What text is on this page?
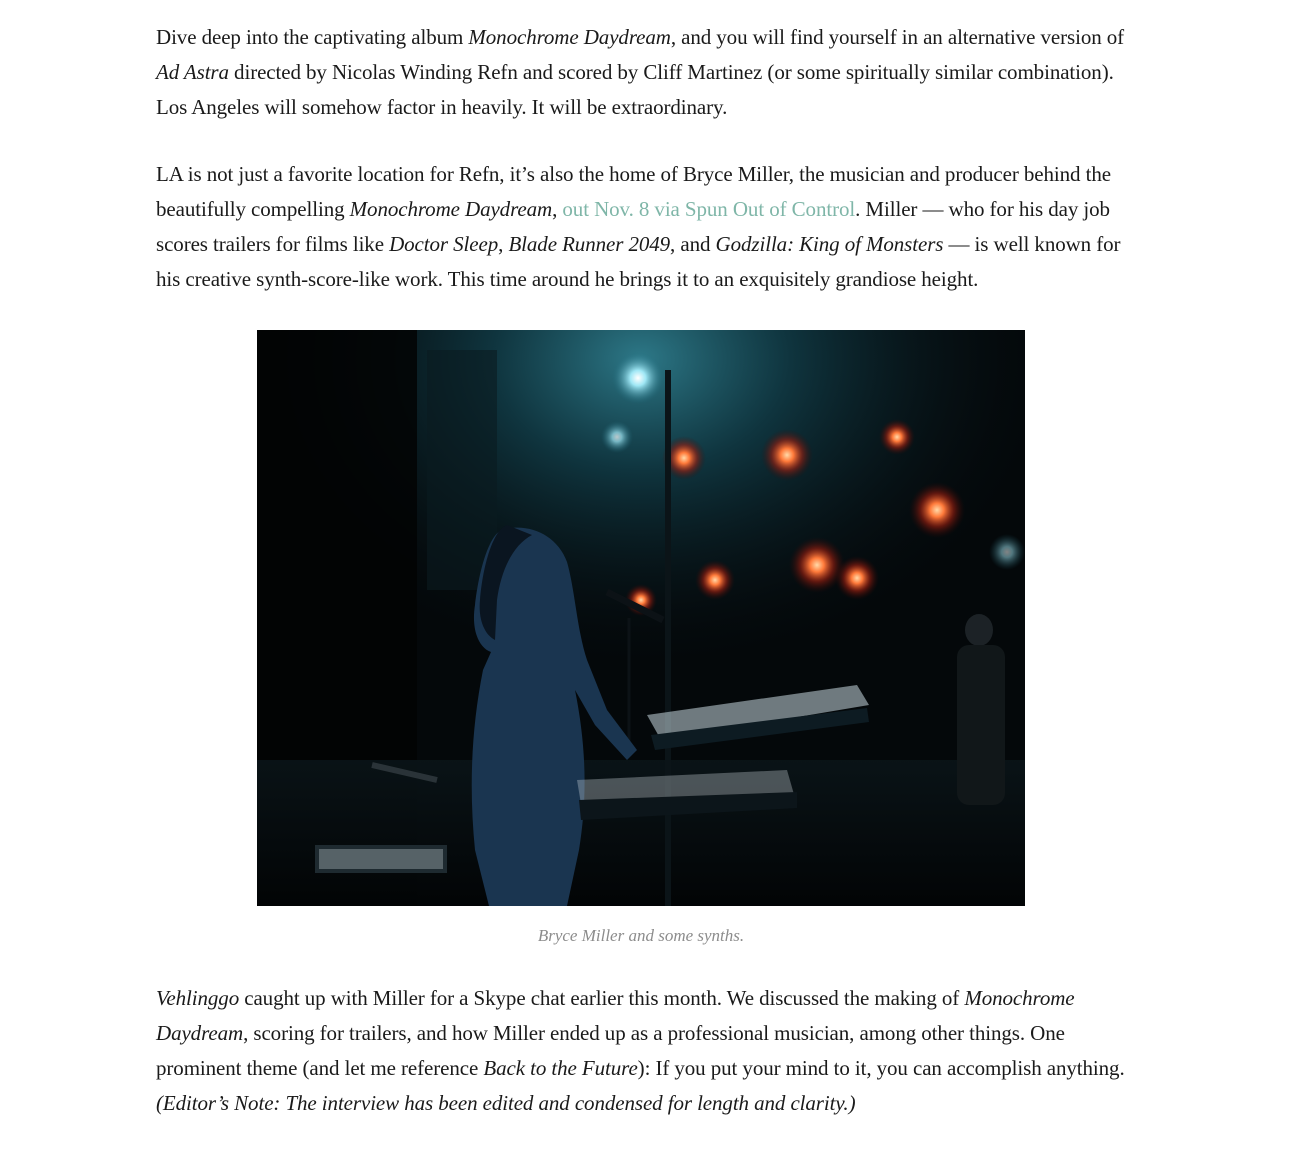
Dive deep into the captivating album Monochrome Daydream, and you will find yourself in an alternative version of Ad Astra directed by Nicolas Winding Refn and scored by Cliff Martinez (or some spiritually similar combination). Los Angeles will somehow factor in heavily. It will be extraordinary.

LA is not just a favorite location for Refn, it’s also the home of Bryce Miller, the musician and producer behind the beautifully compelling Monochrome Daydream, out Nov. 8 via Spun Out of Control. Miller — who for his day job scores trailers for films like Doctor Sleep, Blade Runner 2049, and Godzilla: King of Monsters — is well known for his creative synth-score-like work. This time around he brings it to an exquisitely grandiose height.

Bryce Miller and some synths.

Vehlinggo caught up with Miller for a Skype chat earlier this month. We discussed the making of Monochrome Daydream, scoring for trailers, and how Miller ended up as a professional musician, among other things. One prominent theme (and let me reference Back to the Future): If you put your mind to it, you can accomplish anything. (Editor’s Note: The interview has been edited and condensed for length and clarity.)
